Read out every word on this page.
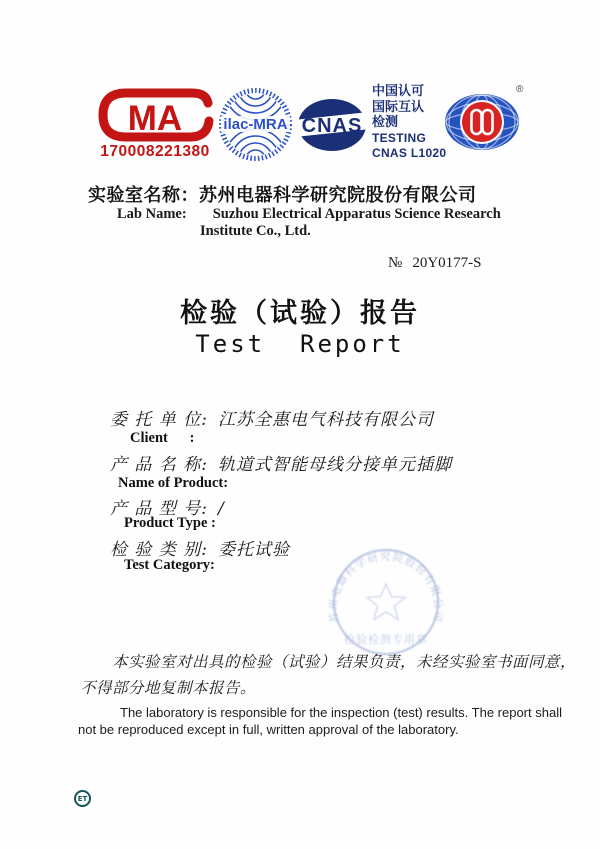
MA
170008221380
ilac-MRA CNAS
中国认可
国际互认
检测
TESTING
CNAS L1020
®
实验室名称：苏州电器科学研究院股份有限公司
Lab Name: Suzhou Electrical Apparatus Science Research
Institute Co., Ltd.
№ 20Y0177-S
检验（试验）报告
Test  Report
委 托 单 位: 江苏全惠电气科技有限公司
Client      :
产 品 名 称: 轨道式智能母线分接单元插脚
Name of Product:
产 品 型 号: /
Product Type :
检 验 类 别: 委托试验
Test Category:
苏州电器科学研究院股份有限公司
检验检测专用章
本实验室对出具的检验（试验）结果负责，未经实验室书面同意，
不得部分地复制本报告。
The laboratory is responsible for the inspection (test) results. The report shall
not be reproduced except in full, written approval of the laboratory.
ET
